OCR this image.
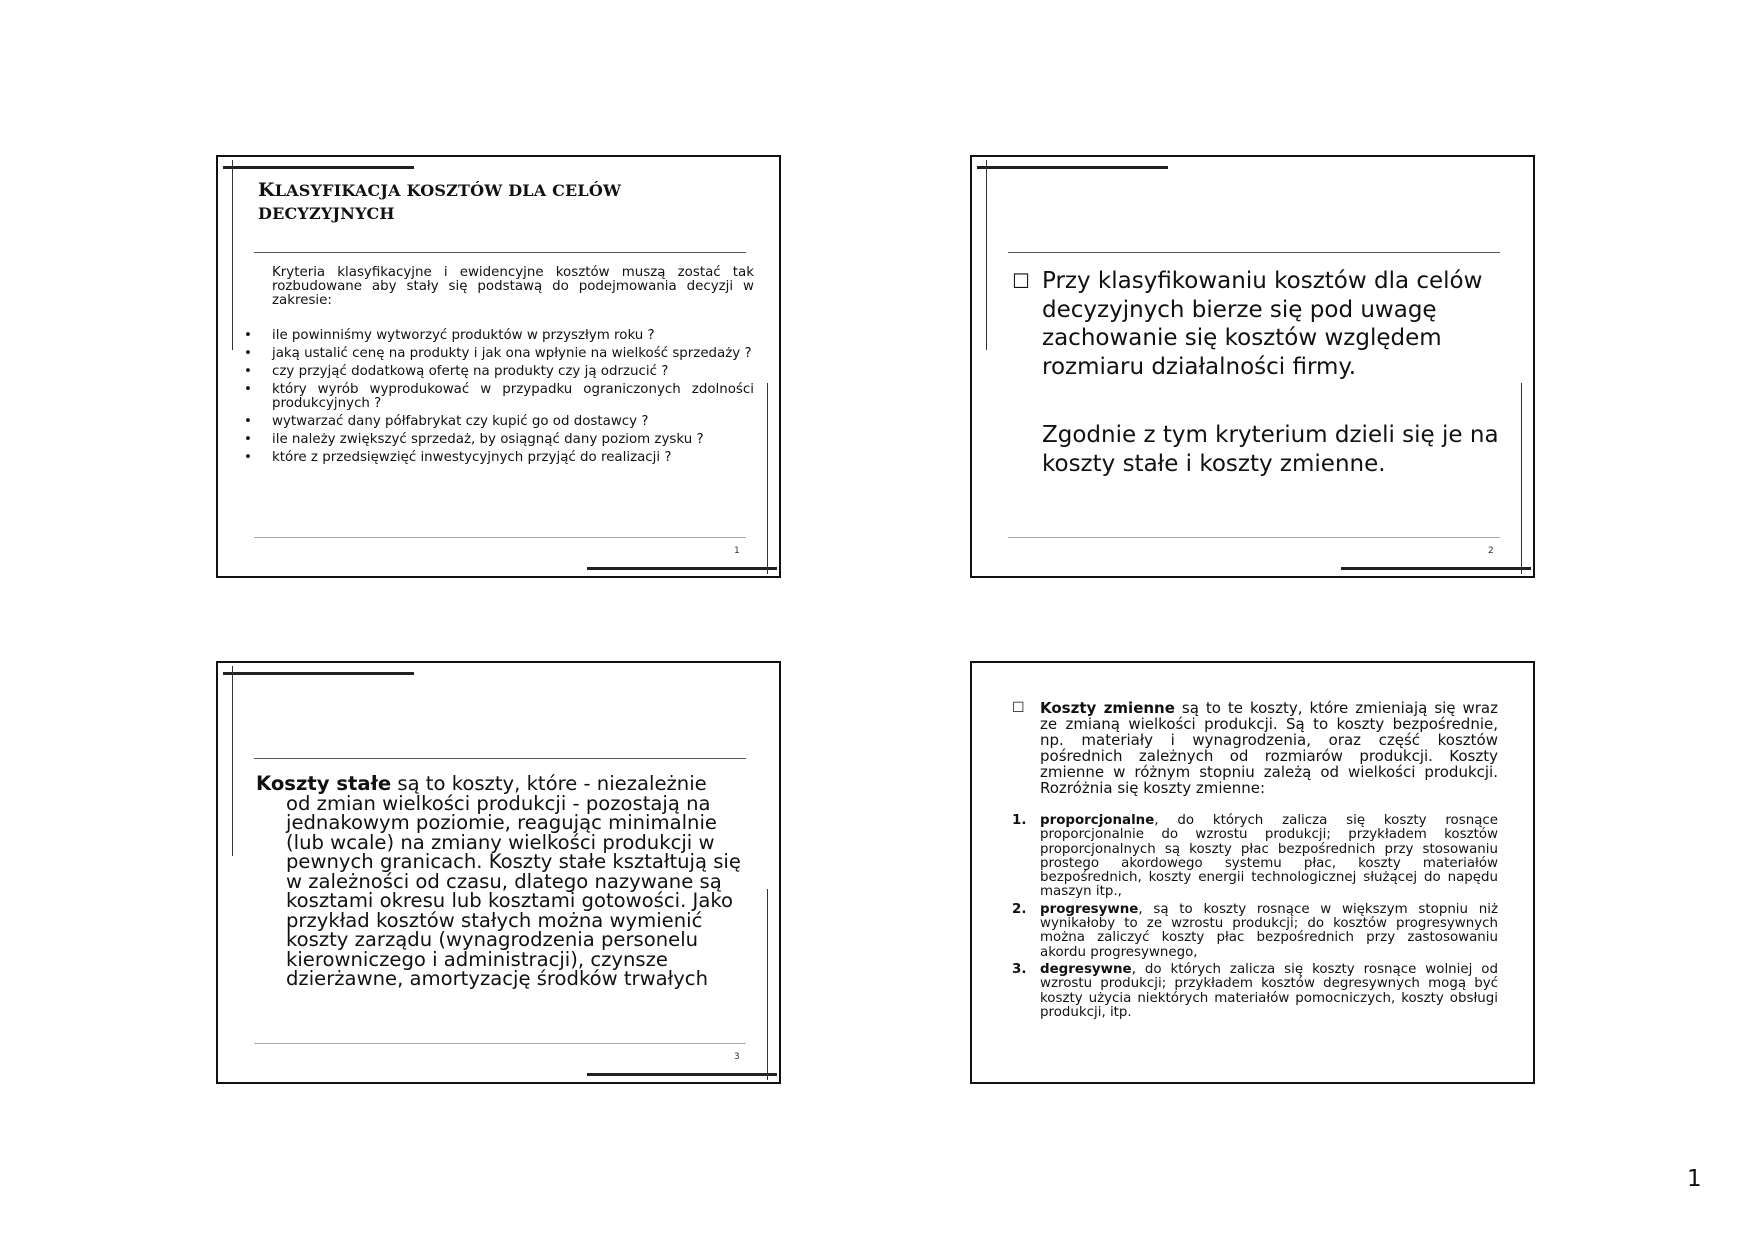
KLASYFIKACJA KOSZTÓW DLA CELÓW DECYZYJNYCH
Kryteria klasyfikacyjne i ewidencyjne kosztów muszą zostać tak rozbudowane aby stały się podstawą do podejmowania decyzji w zakresie:
• ile powinniśmy wytworzyć produktów w przyszłym roku ?
• jaką ustalić cenę na produkty i jak ona wpłynie na wielkość sprzedaży ?
• czy przyjąć dodatkową ofertę na produkty czy ją odrzucić ?
• który wyrób wyprodukować w przypadku ograniczonych zdolności produkcyjnych ?
• wytwarzać dany półfabrykat czy kupić go od dostawcy ?
• ile należy zwiększyć sprzedaż, by osiągnąć dany poziom zysku ?
• które z przedsięwzięć inwestycyjnych przyjąć do realizacji ?
1
☐ Przy klasyfikowaniu kosztów dla celów decyzyjnych bierze się pod uwagę zachowanie się kosztów względem rozmiaru działalności firmy.
Zgodnie z tym kryterium dzieli się je na koszty stałe i koszty zmienne.
2
Koszty stałe są to koszty, które - niezależnie
od zmian wielkości produkcji - pozostają na jednakowym poziomie, reagując minimalnie (lub wcale) na zmiany wielkości produkcji w pewnych granicach. Koszty stałe kształtują się w zależności od czasu, dlatego nazywane są kosztami okresu lub kosztami gotowości. Jako przykład kosztów stałych można wymienić koszty zarządu (wynagrodzenia personelu kierowniczego i administracji), czynsze dzierżawne, amortyzację środków trwałych
3
☐ Koszty zmienne są to te koszty, które zmieniają się wraz ze zmianą wielkości produkcji. Są to koszty bezpośrednie, np. materiały i wynagrodzenia, oraz część kosztów pośrednich zależnych od rozmiarów produkcji. Koszty zmienne w różnym stopniu zależą od wielkości produkcji. Rozróżnia się koszty zmienne:
1. proporcjonalne, do których zalicza się koszty rosnące proporcjonalnie do wzrostu produkcji; przykładem kosztów proporcjonalnych są koszty płac bezpośrednich przy stosowaniu prostego akordowego systemu płac, koszty materiałów bezpośrednich, koszty energii technologicznej służącej do napędu maszyn itp.,
2. progresywne, są to koszty rosnące w większym stopniu niż wynikałoby to ze wzrostu produkcji; do kosztów progresywnych można zaliczyć koszty płac bezpośrednich przy zastosowaniu akordu progresywnego,
3. degresywne, do których zalicza się koszty rosnące wolniej od wzrostu produkcji; przykładem kosztów degresywnych mogą być koszty użycia niektórych materiałów pomocniczych, koszty obsługi produkcji, itp.
1
